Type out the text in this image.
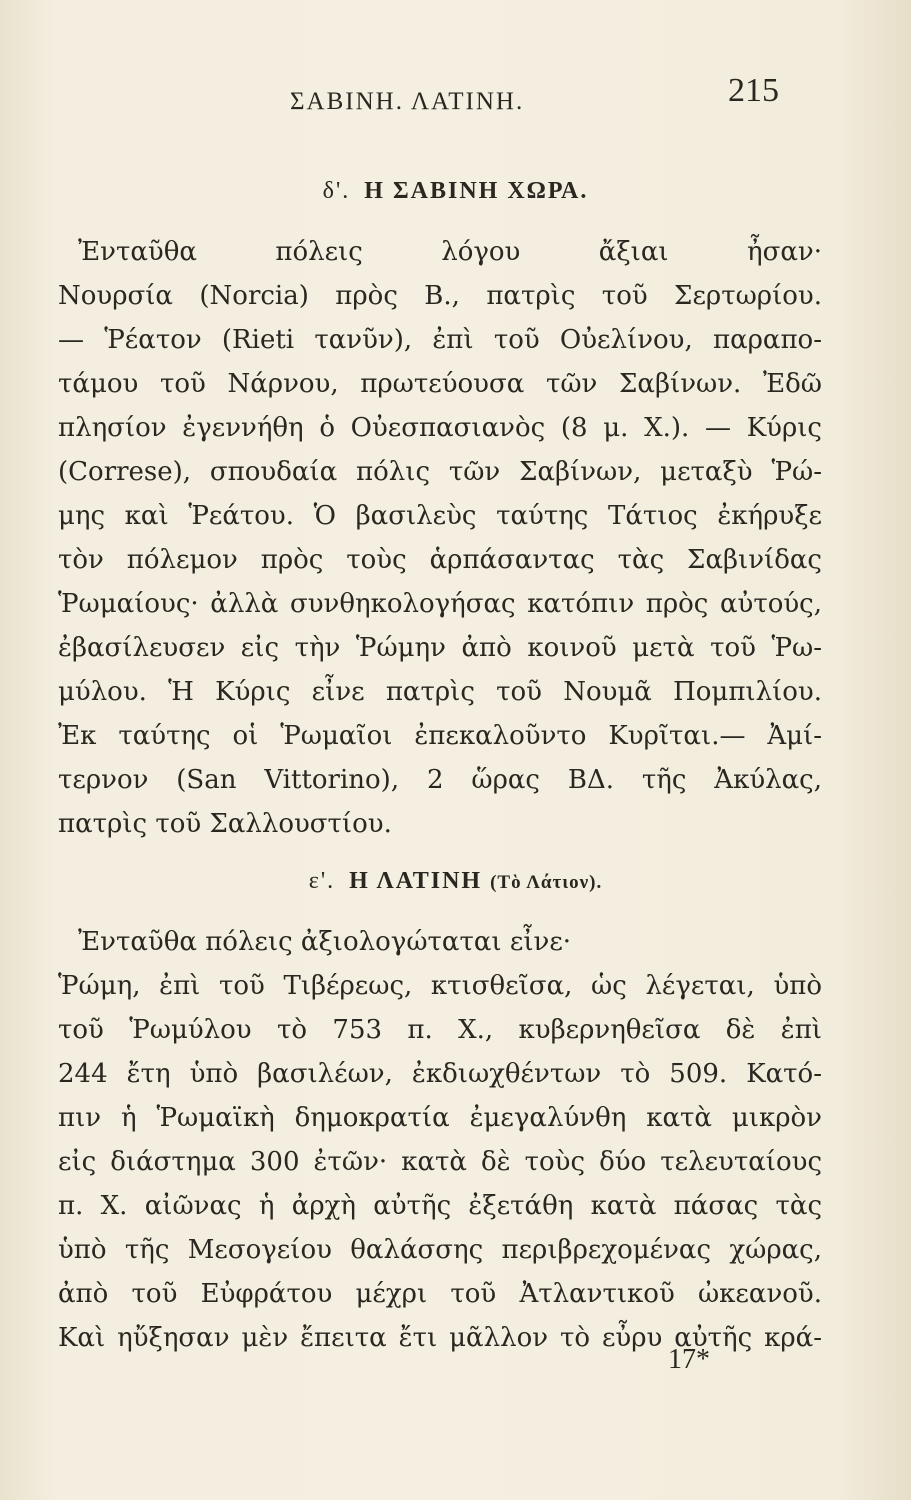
ΣΑΒΙΝΗ. ΛΑΤΙΝΗ.	215
δ'. Η ΣΑΒΙΝΗ ΧΩΡΑ.
Ἐνταῦθα πόλεις λόγου ἄξιαι ἦσαν·
Νουρσία (Norcia) πρὸς Β., πατρὶς τοῦ Σερτωρίου.
— Ῥέατον (Rieti τανῦν), ἐπὶ τοῦ Οὐελίνου, παραπο-
τάμου τοῦ Νάρνου, πρωτεύουσα τῶν Σαβίνων. Ἐδῶ
πλησίον ἐγεννήθη ὁ Οὐεσπασιανὸς (8 μ. Χ.). — Κύρις
(Correse), σπουδαία πόλις τῶν Σαβίνων, μεταξὺ Ῥώ-
μης καὶ Ῥεάτου. Ὁ βασιλεὺς ταύτης Τάτιος ἐκήρυξε
τὸν πόλεμον πρὸς τοὺς ἁρπάσαντας τὰς Σαβινίδας
Ῥωμαίους· ἀλλὰ συνθηκολογήσας κατόπιν πρὸς αὐτούς,
ἐβασίλευσεν εἰς τὴν Ῥώμην ἀπὸ κοινοῦ μετὰ τοῦ Ῥω-
μύλου. Ἡ Κύρις εἶνε πατρὶς τοῦ Νουμᾶ Πομπιλίου.
Ἐκ ταύτης οἱ Ῥωμαῖοι ἐπεκαλοῦντο Κυρῖται.— Ἀμί-
τερνον (San Vittorino), 2 ὥρας ΒΔ. τῆς Ἀκύλας,
πατρὶς τοῦ Σαλλουστίου.
ε'. Η ΛΑΤΙΝΗ (Τὸ Λάτιον).
Ἐνταῦθα πόλεις ἀξιολογώταται εἶνε·
Ῥώμη, ἐπὶ τοῦ Τιβέρεως, κτισθεῖσα, ὡς λέγεται, ὑπὸ
τοῦ Ῥωμύλου τὸ 753 π. Χ., κυβερνηθεῖσα δὲ ἐπὶ
244 ἔτη ὑπὸ βασιλέων, ἐκδιωχθέντων τὸ 509. Κατό-
πιν ἡ Ῥωμαϊκὴ δημοκρατία ἐμεγαλύνθη κατὰ μικρὸν
εἰς διάστημα 300 ἐτῶν· κατὰ δὲ τοὺς δύο τελευταίους
π. Χ. αἰῶνας ἡ ἀρχὴ αὐτῆς ἐξετάθη κατὰ πάσας τὰς
ὑπὸ τῆς Μεσογείου θαλάσσης περιβρεχομένας χώρας,
ἀπὸ τοῦ Εὐφράτου μέχρι τοῦ Ἀτλαντικοῦ ὠκεανοῦ.
Καὶ ηὔξησαν μὲν ἔπειτα ἔτι μᾶλλον τὸ εὖρυ αὐτῆς κρά-
17*
